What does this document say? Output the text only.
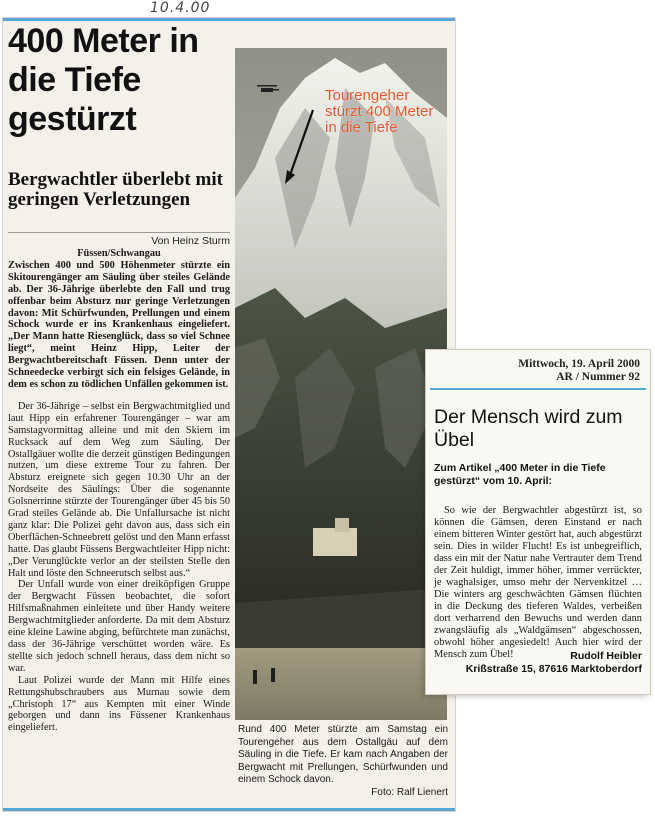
10.4.00
400 Meter in die Tiefe gestürzt
Bergwachtler überlebt mit geringen Verletzungen
Von Heinz Sturm
Füssen/Schwangau

Zwischen 400 und 500 Höhenmeter stürzte ein Skitourengänger am Säuling über steiles Gelände ab. Der 36-Jährige überlebte den Fall und trug offenbar beim Absturz nur geringe Verletzungen davon: Mit Schürfwunden, Prellungen und einem Schock wurde er ins Krankenhaus eingeliefert. „Der Mann hatte Riesenglück, dass so viel Schnee liegt“, meint Heinz Hipp, Leiter der Bergwachtbereitschaft Füssen. Denn unter der Schneedecke verbirgt sich ein felsiges Gelände, in dem es schon zu tödlichen Unfällen gekommen ist.

Der 36-Jährige – selbst ein Bergwachtmitglied und laut Hipp ein erfahrener Tourengänger – war am Samstagvormittag alleine und mit den Skiern im Rucksack auf dem Weg zum Säuling. Der Ostallgäuer wollte die derzeit günstigen Bedingungen nutzen, um diese extreme Tour zu fahren. Der Absturz ereignete sich gegen 10.30 Uhr an der Nordseite des Säulings: Über die sogenannte Golsnerrinne stürzte der Tourengänger über 45 bis 50 Grad steiles Gelände ab. Die Unfallursache ist nicht ganz klar: Die Polizei geht davon aus, dass sich ein Oberflächen-Schneebrett gelöst und den Mann erfasst hatte. Das glaubt Füssens Bergwachtleiter Hipp nicht: „Der Verunglückte verlor an der steilsten Stelle den Halt und löste den Schneerutsch selbst aus.“

Der Unfall wurde von einer dreiköpfigen Gruppe der Bergwacht Füssen beobachtet, die sofort Hilfsmaßnahmen einleitete und über Handy weitere Bergwachtmitglieder anforderte. Da mit dem Absturz eine kleine Lawine abging, befürchtete man zunächst, dass der 36-Jährige verschüttet worden wäre. Es stellte sich jedoch schnell heraus, dass dem nicht so war.

Laut Polizei wurde der Mann mit Hilfe eines Rettungshubschraubers aus Murnau sowie dem „Christoph 17“ aus Kempten mit einer Winde geborgen und dann ins Füssener Krankenhaus eingeliefert.

Tourengeher stürzt 400 Meter in die Tiefe
Rund 400 Meter stürzte am Samstag ein Tourengeher aus dem Ostallgäu auf dem Säuling in die Tiefe. Er kam nach Angaben der Bergwacht mit Prellungen, Schürfwunden und einem Schock davon.
Foto: Ralf Lienert
Mittwoch, 19. April 2000
AR / Nummer 92
Der Mensch wird zum Übel
Zum Artikel „400 Meter in die Tiefe gestürzt“ vom 10. April:
So wie der Bergwachtler abgestürzt ist, so können die Gämsen, deren Einstand er nach einem bitteren Winter gestört hat, auch abgestürzt sein. Dies in wilder Flucht! Es ist unbegreiflich, dass ein mit der Natur nahe Vertrauter dem Trend der Zeit huldigt, immer höher, immer verrückter, je waghalsiger, umso mehr der Nervenkitzel … Die winters arg geschwächten Gämsen flüchten in die Deckung des tieferen Waldes, verbeißen dort verharrend den Bewuchs und werden dann zwangsläufig als „Waldgämsen“ abgeschossen, obwohl höher angesiedelt! Auch hier wird der Mensch zum Übel!	Rudolf Heibler
Krißstraße 15, 87616 Marktoberdorf
